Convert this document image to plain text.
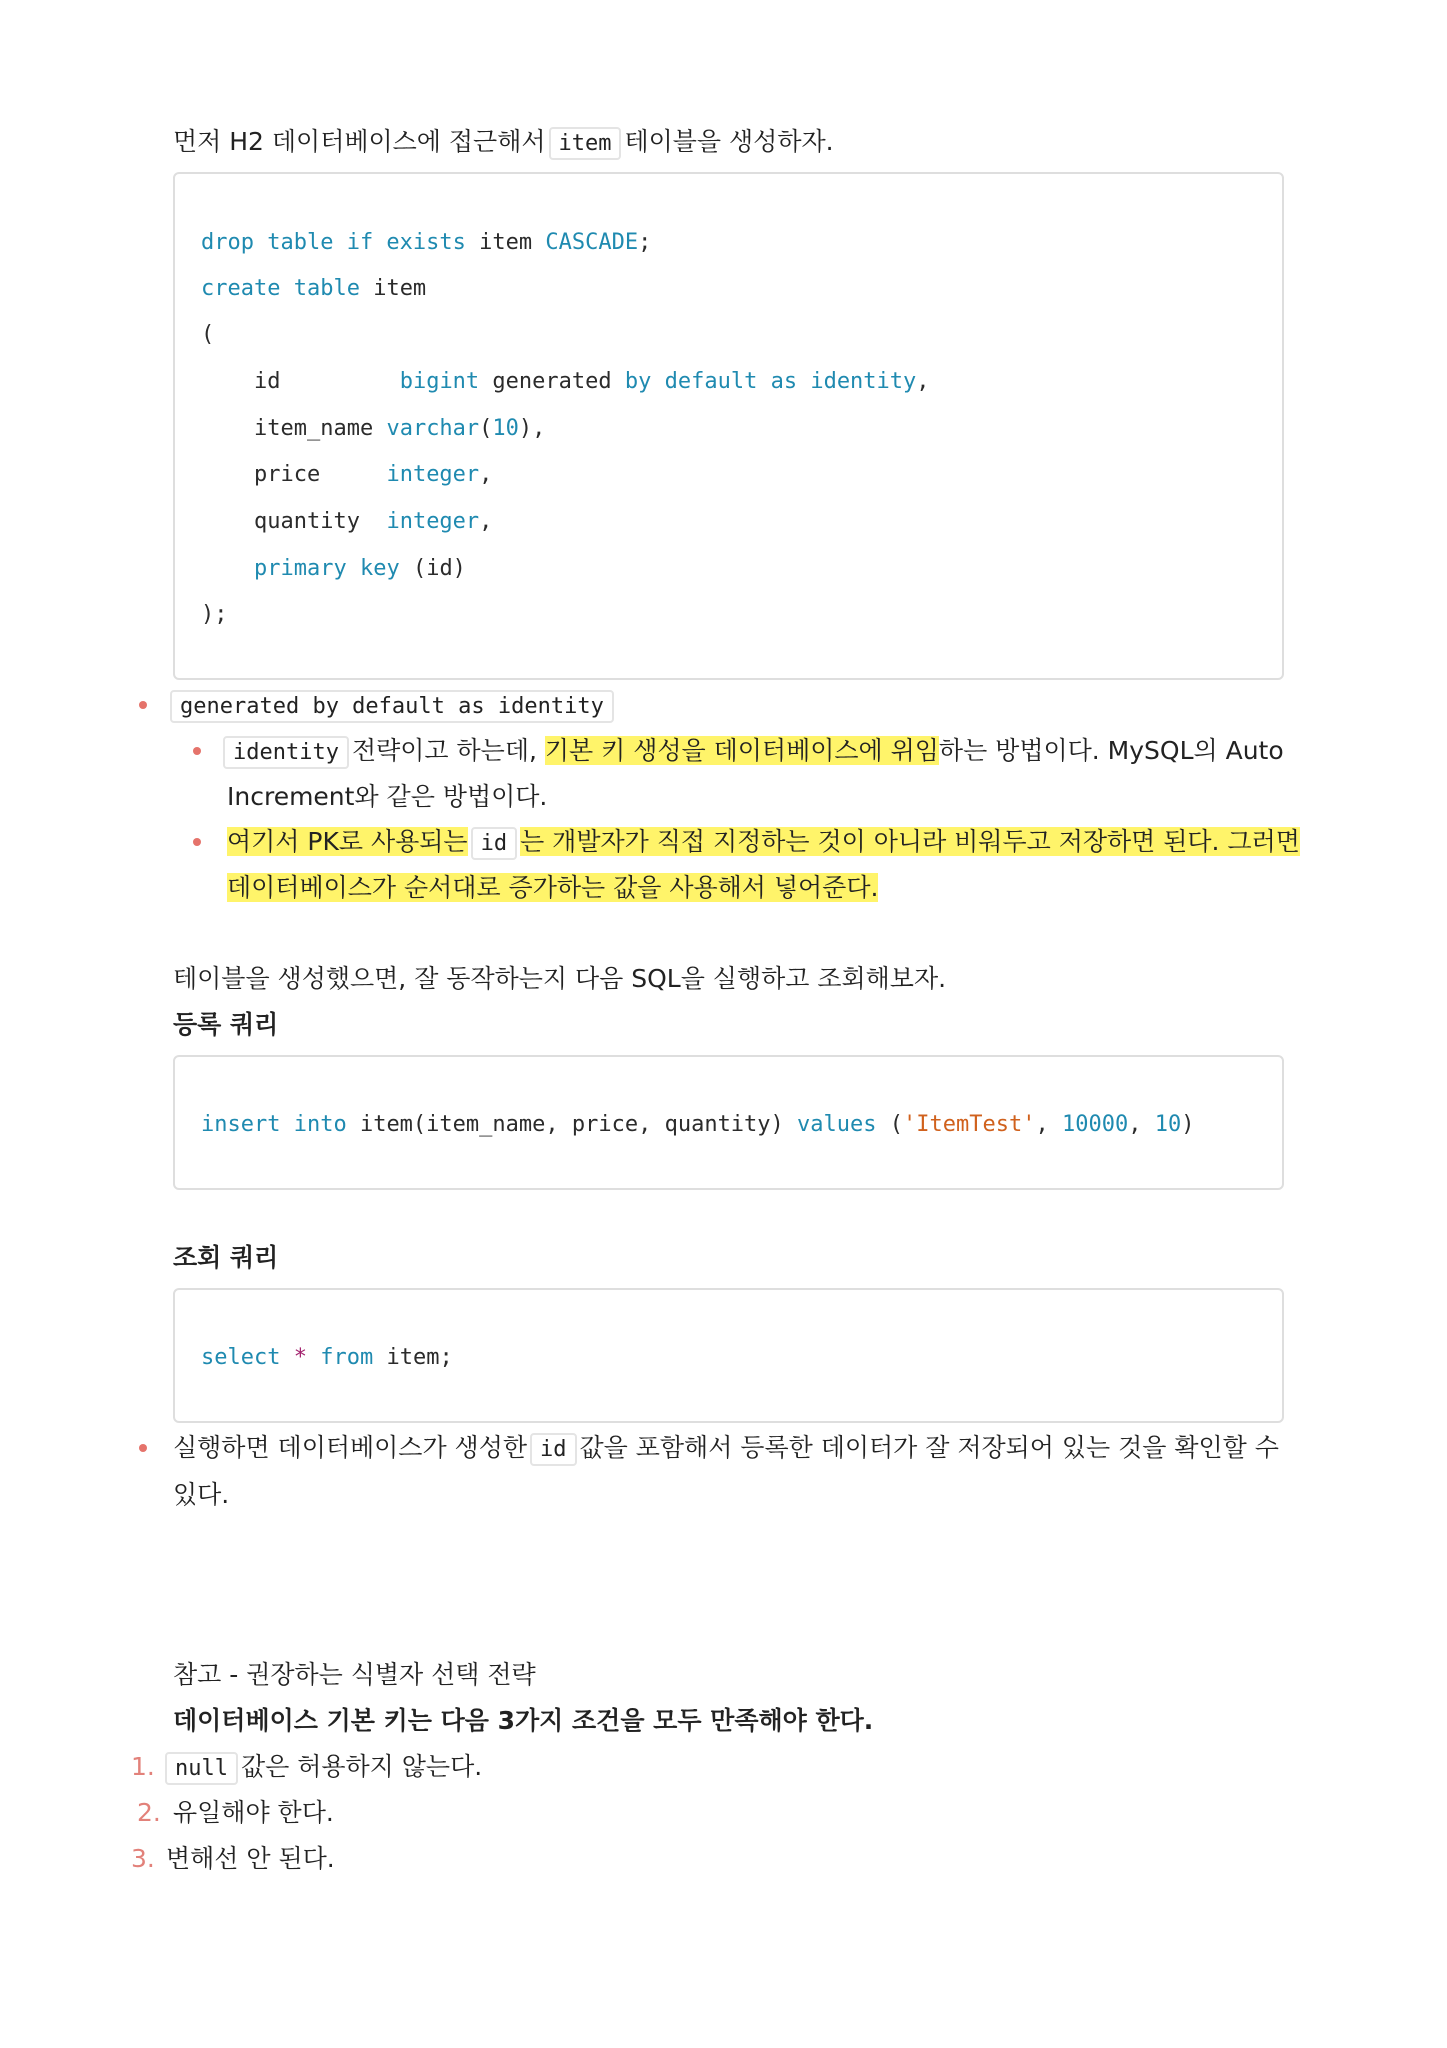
먼저 H2 데이터베이스에 접근해서 item 테이블을 생성하자.
drop table if exists item CASCADE;
create table item
(
id         bigint generated by default as identity,
item_name varchar(10),
price     integer,
quantity  integer,
primary key (id)
);
generated by default as identity
identity 전략이고 하는데, 기본 키 생성을 데이터베이스에 위임하는 방법이다. MySQL의 Auto
Increment와 같은 방법이다.
여기서 PK로 사용되는 id 는 개발자가 직접 지정하는 것이 아니라 비워두고 저장하면 된다. 그러면
데이터베이스가 순서대로 증가하는 값을 사용해서 넣어준다.
테이블을 생성했으면, 잘 동작하는지 다음 SQL을 실행하고 조회해보자.
등록 쿼리
insert into item(item_name, price, quantity) values ('ItemTest', 10000, 10)
조회 쿼리
select * from item;
실행하면 데이터베이스가 생성한 id 값을 포함해서 등록한 데이터가 잘 저장되어 있는 것을 확인할 수
있다.
참고 - 권장하는 식별자 선택 전략
데이터베이스 기본 키는 다음 3가지 조건을 모두 만족해야 한다.
1. null 값은 허용하지 않는다.
2. 유일해야 한다.
3. 변해선 안 된다.
